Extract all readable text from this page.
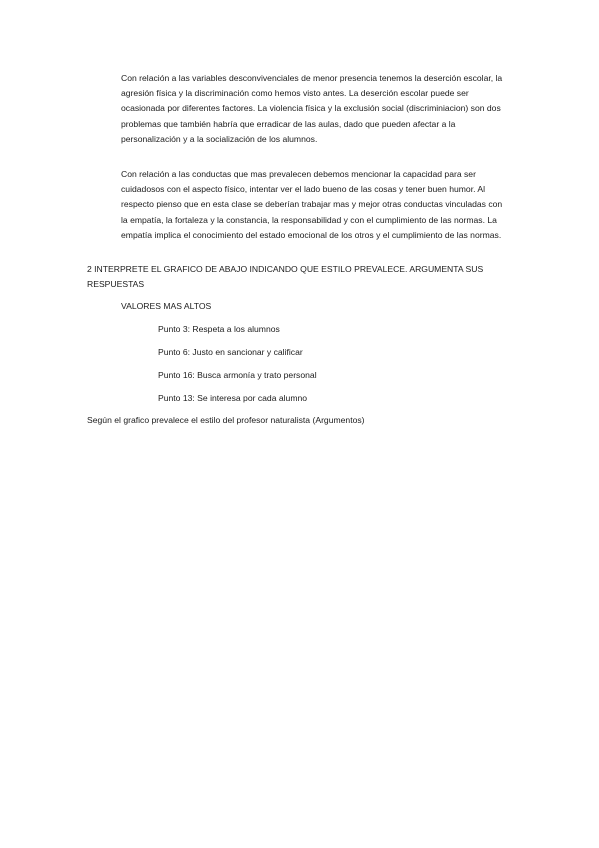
Con relación a las variables desconvivenciales de menor presencia tenemos la deserción escolar, la agresión física y la discriminación como hemos visto antes. La deserción escolar puede ser ocasionada por diferentes factores. La violencia física y la exclusión social (discriminiacion) son dos problemas que también habría que erradicar de las aulas, dado que pueden afectar a la personalización y a la socialización de los alumnos.

Con relación a las conductas que mas prevalecen debemos mencionar la capacidad para ser cuidadosos con el aspecto físico, intentar ver el lado bueno de las cosas y tener buen humor. Al respecto pienso que en esta clase se deberían trabajar mas y mejor otras conductas vinculadas con la empatía, la fortaleza y la constancia, la responsabilidad y con el cumplimiento de las normas. La empatía implica el conocimiento del estado emocional de los otros y el cumplimiento de las normas.

2 INTERPRETE EL GRAFICO DE ABAJO INDICANDO QUE ESTILO PREVALECE. ARGUMENTA SUS RESPUESTAS

VALORES MAS ALTOS

Punto 3: Respeta a los alumnos
Punto 6: Justo en sancionar y calificar
Punto 16: Busca armonía y trato personal
Punto 13: Se interesa por cada alumno

Según el grafico prevalece el estilo del profesor naturalista (Argumentos)
